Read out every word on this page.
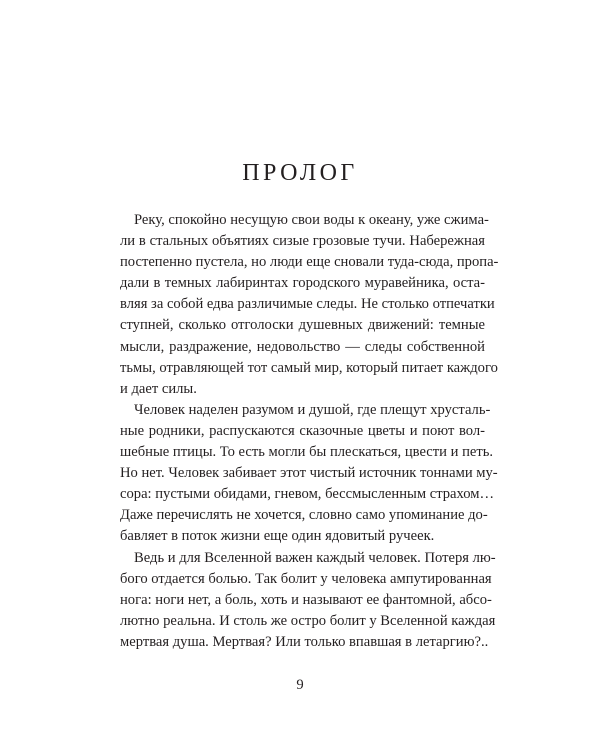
ПРОЛОГ
Реку, спокойно несущую свои воды к океану, уже сжима-
ли в стальных объятиях сизые грозовые тучи. Набережная
постепенно пустела, но люди еще сновали туда-сюда, пропа-
дали в темных лабиринтах городского муравейника, оста-
вляя за собой едва различимые следы. Не столько отпечатки
ступней, сколько отголоски душевных движений: темные
мысли, раздражение, недовольство — следы собственной
тьмы, отравляющей тот самый мир, который питает каждого
и дает силы.
Человек наделен разумом и душой, где плещут хрусталь-
ные родники, распускаются сказочные цветы и поют вол-
шебные птицы. То есть могли бы плескаться, цвести и петь.
Но нет. Человек забивает этот чистый источник тоннами му-
сора: пустыми обидами, гневом, бессмысленным страхом…
Даже перечислять не хочется, словно само упоминание до-
бавляет в поток жизни еще один ядовитый ручеек.
Ведь и для Вселенной важен каждый человек. Потеря лю-
бого отдается болью. Так болит у человека ампутированная
нога: ноги нет, а боль, хоть и называют ее фантомной, абсо-
лютно реальна. И столь же остро болит у Вселенной каждая
мертвая душа. Мертвая? Или только впавшая в летаргию?..
9
